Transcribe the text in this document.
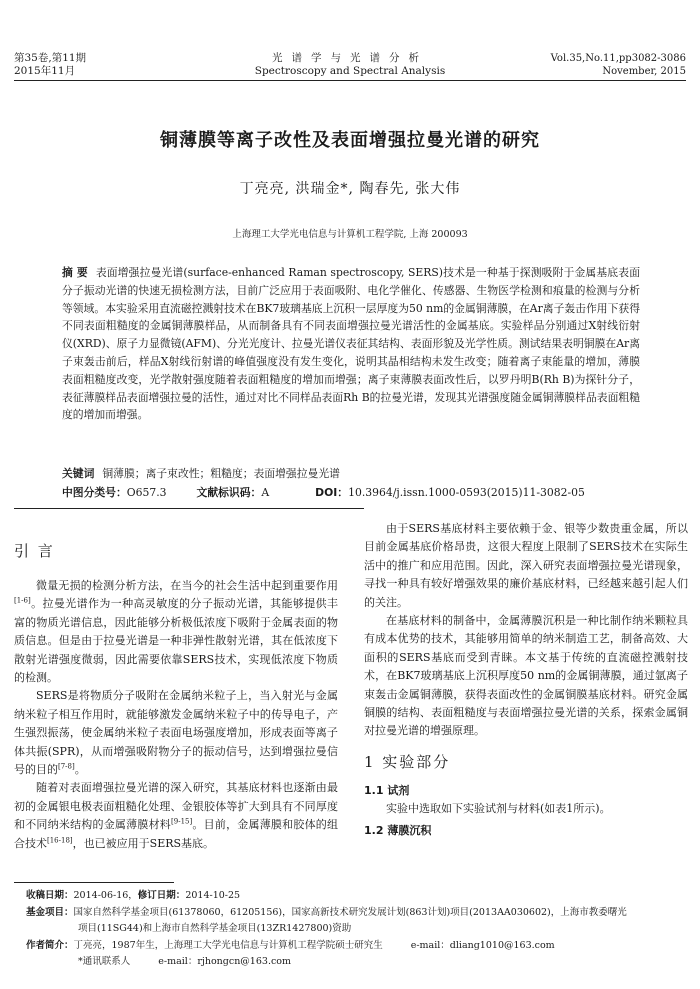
第35卷,第11期
2015年11月
光谱学与光谱分析
Spectroscopy and Spectral Analysis
Vol.35,No.11,pp3082-3086
November, 2015
铜薄膜等离子改性及表面增强拉曼光谱的研究
丁亮亮, 洪瑞金*, 陶春先, 张大伟
上海理工大学光电信息与计算机工程学院, 上海 200093
摘 要 表面增强拉曼光谱(surface-enhanced Raman spectroscopy, SERS)技术是一种基于探测吸附于金属基底表面分子振动光谱的快速无损检测方法，目前广泛应用于表面吸附、电化学催化、传感器、生物医学检测和痕量的检测与分析等领域。本实验采用直流磁控溅射技术在BK7玻璃基底上沉积一层厚度为50 nm的金属铜薄膜，在Ar离子轰击作用下获得不同表面粗糙度的金属铜薄膜样品，从而制备具有不同表面增强拉曼光谱活性的金属基底。实验样品分别通过X射线衍射仪(XRD)、原子力显微镜(AFM)、分光光度计、拉曼光谱仪表征其结构、表面形貌及光学性质。测试结果表明铜膜在Ar离子束轰击前后，样品X射线衍射谱的峰值强度没有发生变化，说明其晶相结构未发生改变；随着离子束能量的增加，薄膜表面粗糙度改变，光学散射强度随着表面粗糙度的增加而增强；离子束薄膜表面改性后，以罗丹明B(Rh B)为探针分子，表征薄膜样品表面增强拉曼的活性，通过对比不同样品表面Rh B的拉曼光谱，发现其光谱强度随金属铜薄膜样品表面粗糙度的增加而增强。
关键词 铜薄膜；离子束改性；粗糙度；表面增强拉曼光谱
中图分类号：O657.3	文献标识码：A	DOI：10.3964/j.issn.1000-0593(2015)11-3082-05
引 言

微量无损的检测分析方法，在当今的社会生活中起到重要作用[1-6]。拉曼光谱作为一种高灵敏度的分子振动光谱，其能够提供丰富的物质光谱信息，因此能够分析极低浓度下吸附于金属表面的物质信息。但是由于拉曼光谱是一种非弹性散射光谱，其在低浓度下散射光谱强度微弱，因此需要依靠SERS技术，实现低浓度下物质的检测。

SERS是将物质分子吸附在金属纳米粒子上，当入射光与金属纳米粒子相互作用时，就能够激发金属纳米粒子中的传导电子，产生强烈振荡，使金属纳米粒子表面电场强度增加，形成表面等离子体共振(SPR)，从而增强吸附物分子的振动信号，达到增强拉曼信号的目的[7-8]。

随着对表面增强拉曼光谱的深入研究，其基底材料也逐渐由最初的金属银电极表面粗糙化处理、金银胶体等扩大到具有不同厚度和不同纳米结构的金属薄膜材料[9-15]。目前，金属薄膜和胶体的组合技术[16-18]，也已被应用于SERS基底。

由于SERS基底材料主要依赖于金、银等少数贵重金属，所以目前金属基底价格昂贵，这很大程度上限制了SERS技术在实际生活中的推广和应用范围。因此，深入研究表面增强拉曼光谱现象，寻找一种具有较好增强效果的廉价基底材料，已经越来越引起人们的关注。

在基底材料的制备中，金属薄膜沉积是一种比制作纳米颗粒具有成本优势的技术，其能够用简单的纳米制造工艺，制备高效、大面积的SERS基底而受到青睐。本文基于传统的直流磁控溅射技术，在BK7玻璃基底上沉积厚度50 nm的金属铜薄膜，通过氩离子束轰击金属铜薄膜，获得表面改性的金属铜膜基底材料。研究金属铜膜的结构、表面粗糙度与表面增强拉曼光谱的关系，探索金属铜对拉曼光谱的增强原理。

1 实验部分
1.1 试剂

实验中选取如下实验试剂与材料(如表1所示)。

1.2 薄膜沉积
收稿日期：2014-06-16，修订日期：2014-10-25
基金项目：国家自然科学基金项目(61378060，61205156)，国家高新技术研究发展计划(863计划)项目(2013AA030602)，上海市教委曙光
项目(11SG44)和上海市自然科学基金项目(13ZR1427800)资助
作者简介：丁亮亮，1987年生，上海理工大学光电信息与计算机工程学院硕士研究生	e-mail：dliang1010@163.com
*通讯联系人	e-mail：rjhongcn@163.com
